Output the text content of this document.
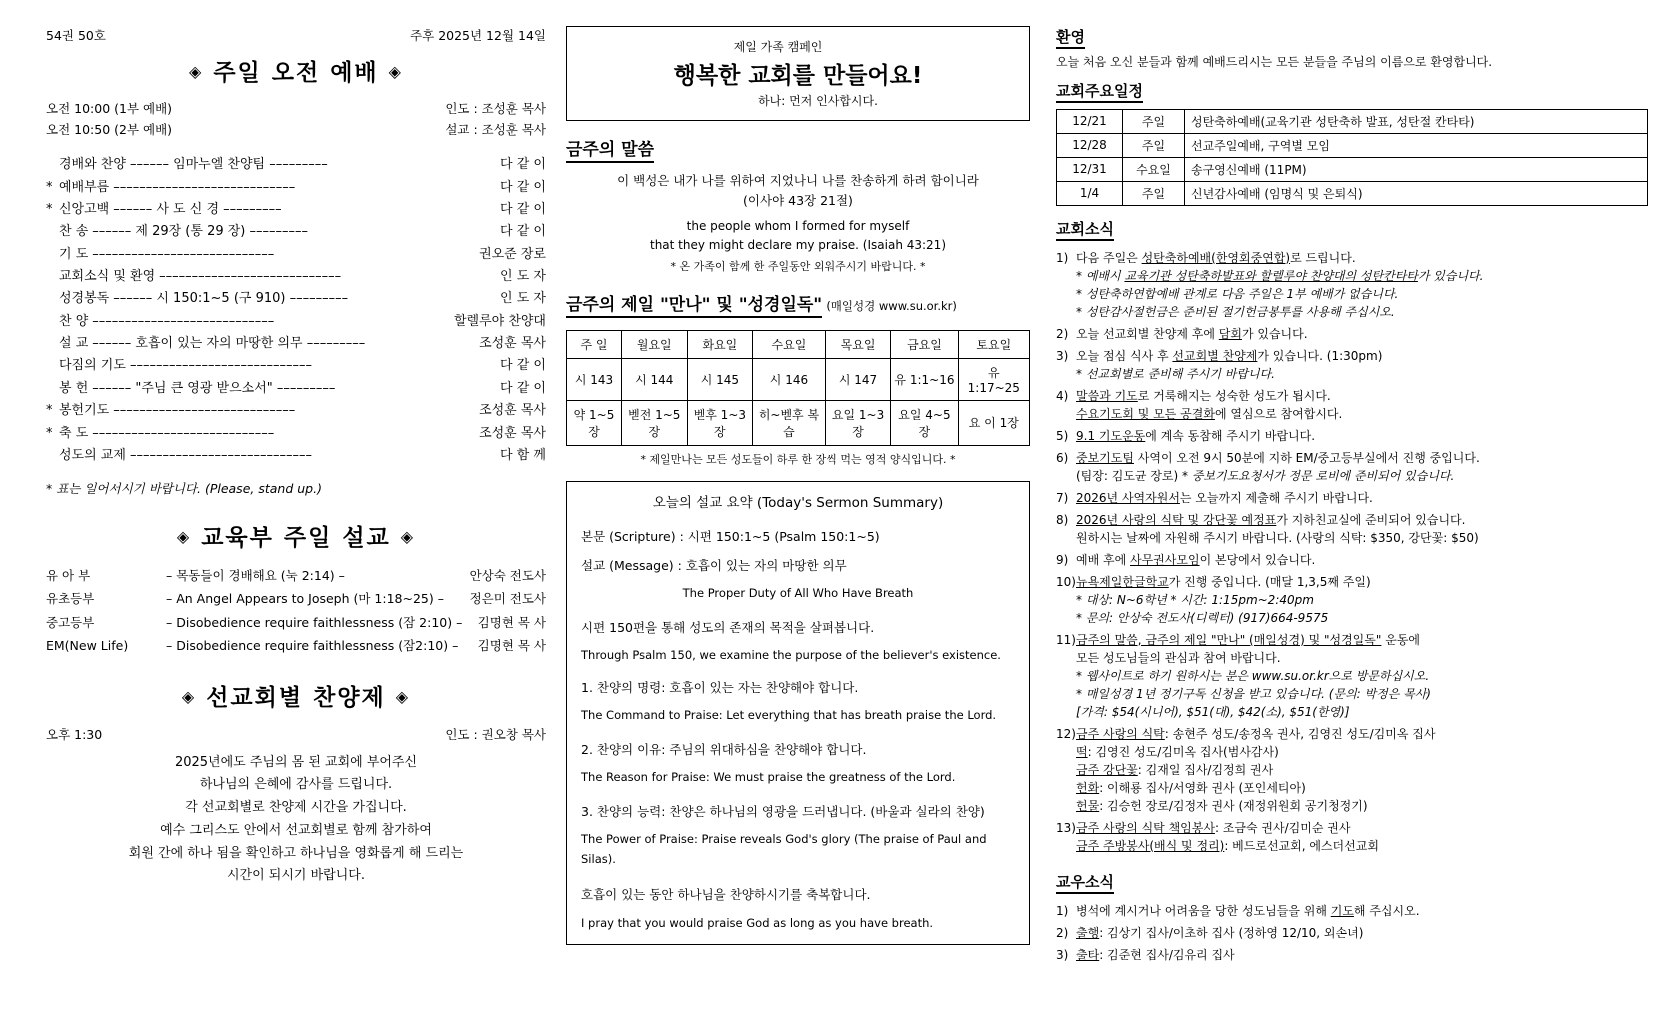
54권 50호	주후 2025년 12월 14일
◈ 주일 오전 예배 ◈
오전 10:00 (1부 예배)	인도 : 조성훈 목사
오전 10:50 (2부 예배)	설교 : 조성훈 목사
경배와 찬양 –––––– 임마누엘 찬양팀 –––––––––	다 같 이
* 예배부름 ––––––––––––––––––––––––––––	다 같 이
* 신앙고백 –––––– 사 도 신 경 –––––––––	다 같 이
찬 송 –––––– 제 29장 (통 29 장) –––––––––	다 같 이
기 도 ––––––––––––––––––––––––––––	권오준 장로
교회소식 및 환영 ––––––––––––––––––––––––––––	인 도 자
성경봉독 –––––– 시 150:1~5 (구 910) –––––––––	인 도 자
찬 양 ––––––––––––––––––––––––––––	할렐루야 찬양대
설 교 –––––– 호흡이 있는 자의 마땅한 의무 –––––––––	조성훈 목사
다짐의 기도 ––––––––––––––––––––––––––––	다 같 이
봉 헌 –––––– "주님 큰 영광 받으소서" –––––––––	다 같 이
* 봉헌기도 ––––––––––––––––––––––––––––	조성훈 목사
* 축 도 ––––––––––––––––––––––––––––	조성훈 목사
성도의 교제 ––––––––––––––––––––––––––––	다 함 께
* 표는 일어서시기 바랍니다. (Please, stand up.)
◈ 교육부 주일 설교 ◈
유 아 부	– 목동들이 경배해요 (눅 2:14) –	안상숙 전도사
유초등부	– An Angel Appears to Joseph (마 1:18~25) –	정은미 전도사
중고등부	– Disobedience require faithlessness (잠 2:10) –	김명현 목 사
EM(New Life)	– Disobedience require faithlessness (잠2:10) –	김명현 목 사
◈ 선교회별 찬양제 ◈
오후 1:30	인도 : 권오창 목사
2025년에도 주님의 몸 된 교회에 부어주신
하나님의 은혜에 감사를 드립니다.
각 선교회별로 찬양제 시간을 가집니다.
예수 그리스도 안에서 선교회별로 함께 참가하여
회원 간에 하나 됨을 확인하고 하나님을 영화롭게 해 드리는
시간이 되시기 바랍니다.
제일 가족 캠페인
행복한 교회를 만들어요!
하나: 먼저 인사합시다.
금주의 말씀
이 백성은 내가 나를 위하여 지었나니 나를 찬송하게 하려 함이니라
(이사야 43장 21절)
the people whom I formed for myself
that they might declare my praise. (Isaiah 43:21)
* 온 가족이 함께 한 주일동안 외워주시기 바랍니다. *
금주의 제일 "만나" 및 "성경일독" (매일성경 www.su.or.kr)
주 일	월요일	화요일	수요일	목요일	금요일	토요일
시 143	시 144	시 145	시 146	시 147	유 1:1~16	유 1:17~25
약 1~5장	벧전 1~5장	벧후 1~3장	히~벧후 복습	요일 1~3장	요일 4~5장	요 이 1장
* 제일만나는 모든 성도들이 하루 한 장씩 먹는 영적 양식입니다. *
오늘의 설교 요약 (Today's Sermon Summary)
본문 (Scripture) : 시편 150:1~5 (Psalm 150:1~5)
설교 (Message) : 호흡이 있는 자의 마땅한 의무
The Proper Duty of All Who Have Breath
시편 150편을 통해 성도의 존재의 목적을 살펴봅니다.
Through Psalm 150, we examine the purpose of the believer's existence.
1. 찬양의 명령: 호흡이 있는 자는 찬양해야 합니다.
The Command to Praise: Let everything that has breath praise the Lord.
2. 찬양의 이유: 주님의 위대하심을 찬양해야 합니다.
The Reason for Praise: We must praise the greatness of the Lord.
3. 찬양의 능력: 찬양은 하나님의 영광을 드러냅니다. (바울과 실라의 찬양)
The Power of Praise: Praise reveals God's glory (The praise of Paul and Silas).
호흡이 있는 동안 하나님을 찬양하시기를 축복합니다.
I pray that you would praise God as long as you have breath.
환영

오늘 처음 오신 분들과 함께 예배드리시는 모든 분들을 주님의 이름으로 환영합니다.

교회주요일정
12/21	주일	성탄축하예배(교육기관 성탄축하 발표, 성탄절 칸타타)
12/28	주일	선교주일예배, 구역별 모임
12/31	수요일	송구영신예배 (11PM)
1/4	주일	신년감사예배 (임명식 및 은퇴식)
교회소식
1) 다음 주일은 성탄축하예배(한영회중연합)로 드립니다.
* 예배시 교육기관 성탄축하발표와 할렐루야 찬양대의 성탄칸타타가 있습니다.
* 성탄축하연합예배 관계로 다음 주일은 1부 예배가 없습니다.
* 성탄감사절헌금은 준비된 절기헌금봉투를 사용해 주십시오.
2) 오늘 선교회별 찬양제 후에 담회가 있습니다.
3) 오늘 점심 식사 후 선교회별 찬양제가 있습니다. (1:30pm)
* 선교회별로 준비해 주시기 바랍니다.
4) 말씀과 기도로 거룩해지는 성숙한 성도가 됩시다.
수요기도회 및 모든 공결화에 열심으로 참여합시다.
5) 9.1 기도운동에 계속 동참해 주시기 바랍니다.
6) 중보기도팀 사역이 오전 9시 50분에 지하 EM/중고등부실에서 진행 중입니다.
(팀장: 김도균 장로) * 중보기도요청서가 정문 로비에 준비되어 있습니다.
7) 2026년 사역자원서는 오늘까지 제출해 주시기 바랍니다.
8) 2026년 사랑의 식탁 및 강단꽃 예정표가 지하친교실에 준비되어 있습니다.
원하시는 날짜에 자원해 주시기 바랍니다. (사랑의 식탁: $350, 강단꽃: $50)
9) 예배 후에 사무권사모임이 본당에서 있습니다.
10) 뉴욕제일한글학교가 진행 중입니다. (매달 1,3,5째 주일)
* 대상: N~6학년 * 시간: 1:15pm~2:40pm
* 문의: 안상숙 전도사(디렉터) (917)664-9575
11) 금주의 말씀, 금주의 제일 "만나" (매일성경) 및 "성경일독" 운동에
모든 성도님들의 관심과 참여 바랍니다.
* 웹사이트로 하기 원하시는 분은 www.su.or.kr으로 방문하십시오.
* 매일성경 1년 정기구독 신청을 받고 있습니다. (문의: 박정은 목사)
[가격: $54(시니어), $51(대), $42(소), $51(한영)]
12) 금주 사랑의 식탁: 송현주 성도/송정옥 권사, 김영진 성도/김미옥 집사
떡: 김영진 성도/김미옥 집사(범사감사)
금주 강단꽃: 김재일 집사/김정희 권사
헌화: 이해룡 집사/서영화 권사 (포인세티아)
헌물: 김승헌 장로/김정자 권사 (재정위원회 공기청정기)
13) 금주 사랑의 식탁 책임봉사: 조금숙 권사/김미순 권사
금주 주방봉사(배식 및 정리): 베드로선교회, 에스더선교회
교우소식
1) 병석에 계시거나 어려움을 당한 성도님들을 위해 기도해 주십시오.
2) 출행: 김상기 집사/이초하 집사 (정하영 12/10, 외손녀)
3) 출타: 김준현 집사/김유리 집사
